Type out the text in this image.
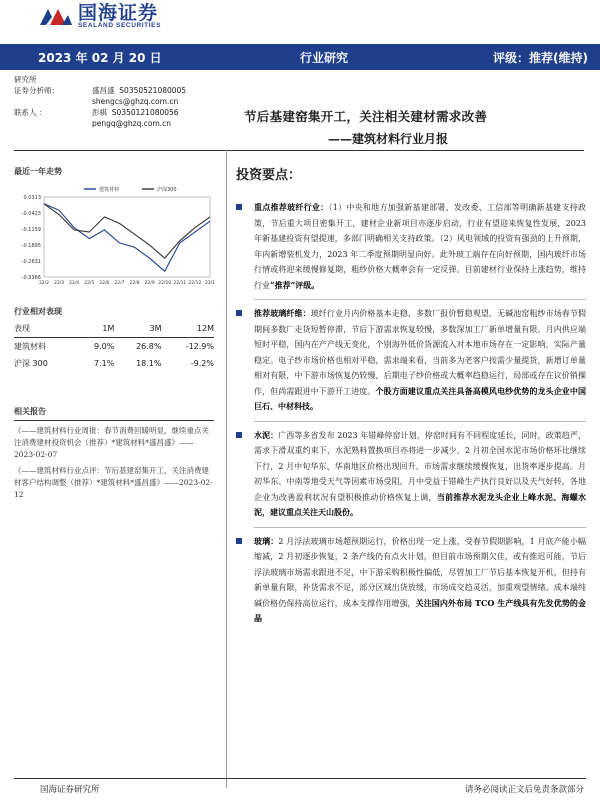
国海证券
SEALAND SECURITIES
2023 年 02 月 20 日	行业研究	评级：推荐(维持)
研究所
证券分析师：	盛昌盛 S0350521080005
shengcs@ghzq.com.cn
联系人 ：	彭棋 S0350121080056
pengq@ghzq.com.cn	节后基建窑集开工，关注相关建材需求改善
——建筑材料行业月报
最近一年走势
0.0313
-0.0423
-0.1159
-0.1895
-0.2631
-0.3366
22/2 22/3 22/4 22/5 22/6 22/7 22/8 22/9 22/10 22/11 22/12 23/1
建筑材料	沪深300
行业相对表现
表现	1M	3M	12M
建筑材料	9.0%	26.8%	-12.9%
沪深 300	7.1%	18.1%	-9.2%
相关报告
《——建筑材料行业周报：春节消费回暖明显，继续重点关注消费建材投资机会（推荐）*建筑材料*盛昌盛》——2023-02-07
《——建筑材料行业点评：节后基建窑集开工，关注消费建材客户结构调整（推荐）*建筑材料*盛昌盛》——2023-02-12
投资要点：
重点推荐玻纤行业：（1）中央和地方加强新基建部署、发改委、工信部等明确新基建支持政策，节后重大项目密集开工，建材企业新项目亦逐步启动，行业有望迎来恢复性发展，2023 年新基建投资有望提速，多部门明确相关支持政策。（2）风电领域的投资有强劲的上升预期，年内新增装机发力，2023 年二季度预期明显向好。此外玻工端存在向好预期，国内玻纤市场行情或将迎来缓慢修复期，粗纱价格大概率会有一定反弹。目前建材行业保持上涨趋势，维持行业“推荐”评级。
推荐玻璃纤维：玻纤行业月内价格基本走稳，多数厂报价暂稳观望，无碱池窑粗纱市场春节假期间多数厂走货短暂停滞，节后下游需求恢复较慢，多数深加工厂新单增量有限。月内供应端短时平稳，国内在产产线无变化，个别海外低价货源流入对本地市场存在一定影响，实际产量稳定。电子纱市场价格也相对平稳，需求端来看，当前多为老客户按需少量提货，新增订单量相对有限，中下游市场恢复仍较慢，后期电子纱价格或大概率趋稳运行，局部或存在议价销操作，但尚需跟进中下游开工进度。个股方面建议重点关注具备高模风电纱优势的龙头企业中国巨石、中材科技。
水泥：广西等多省发布 2023 年错峰停窑计划，停窑时间有不同程度延长，同时，政策趋严，需求下滑双重约束下，水泥熟料置换项目亦将进一步减少，2 月初全国水泥市场价格环比继续下行，2 月中旬华东、华南地区价格出现回升，市场需求继续缓慢恢复，出货率逐步提高。月初华东、中南等地受天气等因素市场受阻，月中受益于错峰生产执行良好以及天气好转，各地企业为改善盈利状况有望积极推动价格恢复上调，当前推荐水泥龙头企业上峰水泥、海螺水泥，建议重点关注天山股份。
玻璃：2 月浮法玻璃市场超预期运行，价格出现一定上涨，受春节假期影响，1 月底产能小幅缩减，2 月初逐步恢复，2 条产线仍有点火计划，但目前市场预期欠佳，或有推迟可能，节后浮法玻璃市场需求跟进不足，中下游采购积极性偏低，尽管加工厂节后基本恢复开机，但持有新单量有限，补货需求不足，部分区域出货放缓，市场成交趋灵活，加重观望情绪。成本端纯碱价格仍保持高位运行，成本支撑作用增强，关注国内外布局 TCO 生产线具有先发优势的金晶
国海证券研究所	请务必阅读正文后免责条款部分
